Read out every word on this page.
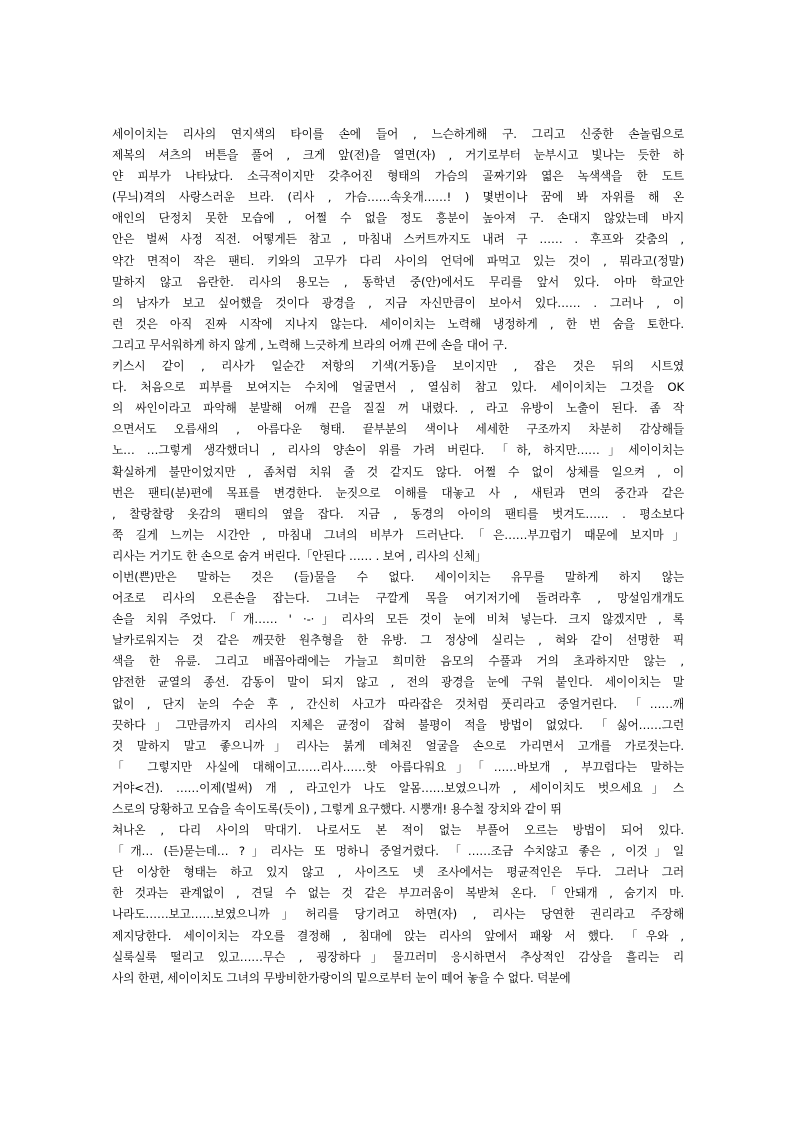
세이이치는 리사의 연지색의 타이를 손에 들어 , 느슨하게해 구. 그리고 신중한 손놀림으로
제복의 셔츠의 버튼을 풀어 , 크게 앞(전)을 열면(자) , 거기로부터 눈부시고 빛나는 듯한 하
얀 피부가 나타났다. 소극적이지만 갖추어진 형태의 가슴의 골짜기와 엷은 녹색색을 한 도트
(무늬)격의 사랑스러운 브라. (리사 , 가슴……속옷개……! ) 몇번이나 꿈에 봐 자위를 해 온
애인의 단정치 못한 모습에 , 어쩔 수 없을 정도 흥분이 높아져 구. 손대지 않았는데 바지
안은 벌써 사정 직전. 어떻게든 참고 , 마침내 스커트까지도 내려 구 …… . 후프와 갖춤의 ,
약간 면적이 작은 팬티. 키와의 고무가 다리 사이의 언덕에 파먹고 있는 것이 , 뭐라고(정말)
말하지 않고 음란한. 리사의 용모는 , 동학년 중(안)에서도 무리를 앞서 있다. 아마 학교안
의 남자가 보고 싶어했을 것이다 광경을 , 지금 자신만큼이 보아서 있다…… . 그러나 , 이
런 것은 아직 진짜 시작에 지나지 않는다. 세이이치는 노력해 냉정하게 , 한 번 숨을 토한다.
그리고 무서워하게 하지 않게 , 노력해 느긋하게 브라의 어깨 끈에 손을 대어 구.
키스시 같이 , 리사가 일순간 저항의 기색(거동)을 보이지만 , 잡은 것은 뒤의 시트였
다. 처음으로 피부를 보여지는 수치에 얼굴면서 , 열심히 참고 있다. 세이이치는 그것을 OK
의 싸인이라고 파악해 분발해 어깨 끈을 질질 꺼 내렸다. , 라고 유방이 노출이 된다. 좀 작
으면서도 오름새의 , 아름다운 형태. 끝부분의 색이나 세세한 구조까지 차분히 감상해들
노… …그렇게 생각했더니 , 리사의 양손이 위를 가려 버린다. 「하, 하지만……」세이이치는
확실하게 불만이었지만 , 좀처럼 치워 줄 것 같지도 않다. 어쩔 수 없이 상체를 일으켜 , 이
번은 팬티(분)편에 목표를 변경한다. 눈짓으로 이해를 대놓고 사 , 새틴과 면의 중간과 같은
, 찰랑찰랑 옷감의 팬티의 옆을 잡다. 지금 , 동경의 아이의 팬티를 벗겨도…… . 평소보다
쭉 길게 느끼는 시간안 , 마침내 그녀의 비부가 드러난다.「은……부끄럽기 때문에 보지마」
리사는 거기도 한 손으로 숨겨 버린다.「안된다 …… . 보여 , 리사의 신체」
이번(쁜)만은 말하는 것은 (들)물을 수 없다. 세이이치는 유무를 말하게 하지 않는
어조로 리사의 오른손을 잡는다. 그녀는 구깔게 목을 여기저기에 돌려라후 , 망설임개개도
손을 치워 주었다.「개…… ' ·-·」리사의 모든 것이 눈에 비쳐 넣는다. 크지 않겠지만 , 록
날카로워지는 것 같은 깨끗한 원추형을 한 유방. 그 정상에 실리는 , 혀와 같이 선명한 픽
색을 한 유륜. 그리고 배꼽아래에는 가늘고 희미한 음모의 수풀과 거의 초과하지만 않는 ,
얌전한 균열의 종선. 감동이 말이 되지 않고 , 전의 광경을 눈에 구워 붙인다. 세이이치는 말
없이 , 단지 눈의 수순 후 , 간신히 사고가 따라잡은 것처럼 풋리라고 중얼거린다. 「……깨
끗하다」그만큼까지 리사의 지체은 균정이 잡혀 불평이 적을 방법이 없었다. 「싫어……그런
것 말하지 말고 좋으니까」리사는 붉게 데쳐진 얼굴을 손으로 가리면서 고개를 가로젓는다.
「 그렇지만 사실에 대해이고……리사……핫 아름다워요」「……바보개 , 부끄럽다는 말하는
거야<건). ……이제(벌써) 개 , 라고인가 나도 알몸……보였으니까 , 세이이치도 벗으세요」스
스로의 당황하고 모습을 속이도록(듯이) , 그렇게 요구했다. 시뿡개! 용수철 장치와 같이 뛰
쳐나온 , 다리 사이의 막대기. 나로서도 본 적이 없는 부풀어 오르는 방법이 되어 있다.
「개… (든)묻는데… ?」리사는 또 멍하니 중얼거렸다. 「……조금 수치않고 좋은 , 이것」일
단 이상한 형태는 하고 있지 않고 , 사이즈도 넷 조사에서는 평균적인은 두다. 그러나 그러
한 것과는 관계없이 , 견딜 수 없는 것 같은 부끄러움이 복받쳐 온다.「안돼개 , 숨기지 마.
나라도……보고……보였으니까」허리를 당기려고 하면(자) , 리사는 당연한 권리라고 주장해
제지당한다. 세이이치는 각오를 결정해 , 침대에 앉는 리사의 앞에서 패왕 서 했다. 「우와 ,
실룩실룩 떨리고 있고……무슨 , 굉장하다」물끄러미 응시하면서 추상적인 감상을 흘리는 리
사의 한편, 세이이치도 그녀의 무방비한가랑이의 밑으로부터 눈이 떼어 놓을 수 없다. 덕분에
